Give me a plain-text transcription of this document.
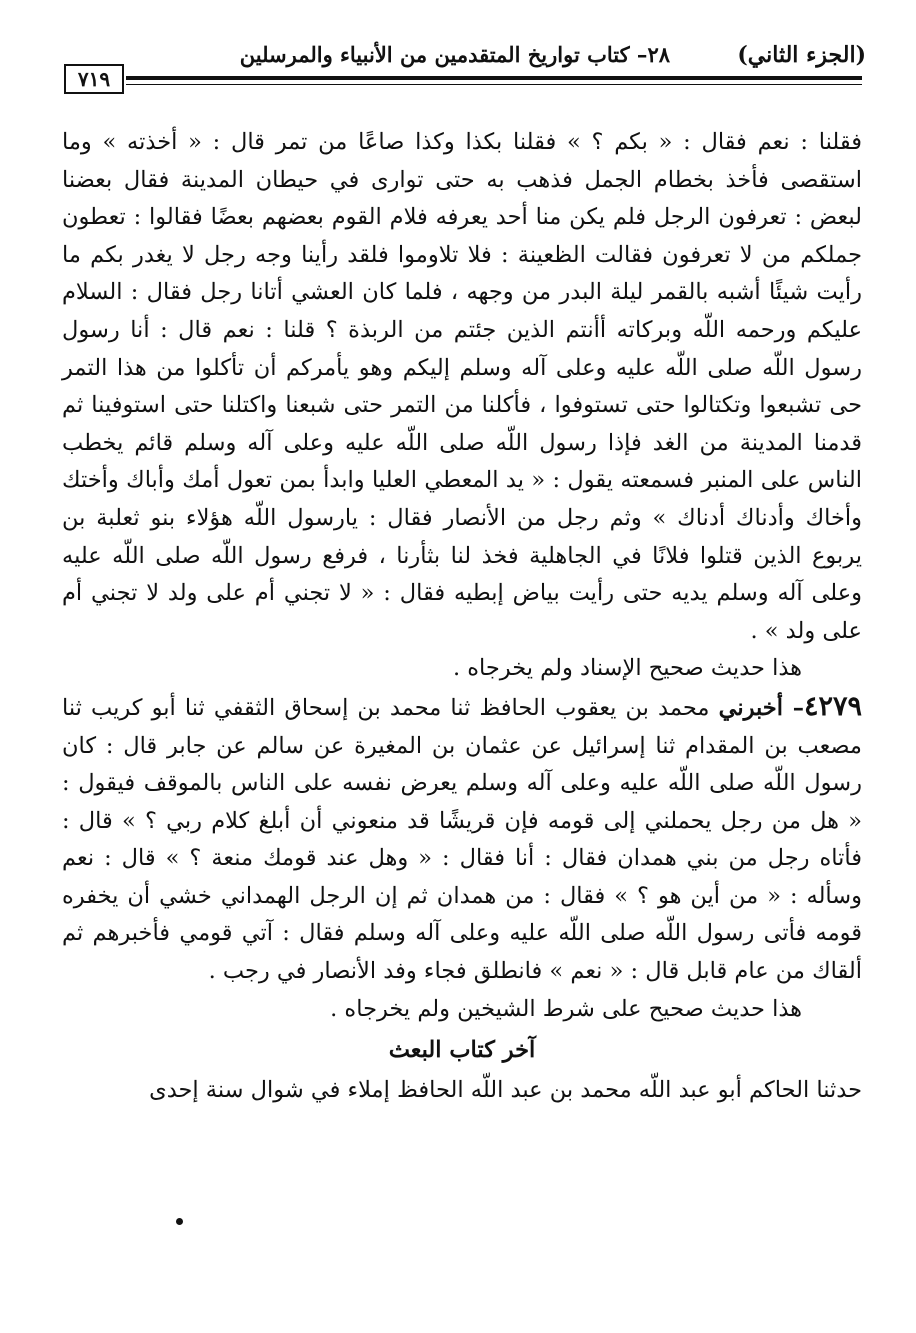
(الجزء الثاني)
٢٨– كتاب تواريخ المتقدمين من الأنبياء والمرسلين
٧١٩

فقلنا : نعم فقال : « بكم ؟ » فقلنا بكذا وكذا صاعًا من تمر قال : « أخذته » وما استقصى فأخذ بخطام الجمل فذهب به حتى توارى في حيطان المدينة فقال بعضنا لبعض : تعرفون الرجل فلم يكن منا أحد يعرفه فلام القوم بعضهم بعضًا فقالوا : تعطون جملكم من لا تعرفون فقالت الظعينة : فلا تلاوموا فلقد رأينا وجه رجل لا يغدر بكم ما رأيت شيئًا أشبه بالقمر ليلة البدر من وجهه ، فلما كان العشي أتانا رجل فقال : السلام عليكم ورحمه اللّه وبركاته أأنتم الذين جئتم من الربذة ؟ قلنا : نعم قال : أنا رسول رسول اللّه صلى اللّه عليه وعلى آله وسلم إليكم وهو يأمركم أن تأكلوا من هذا التمر حى تشبعوا وتكتالوا حتى تستوفوا ، فأكلنا من التمر حتى شبعنا واكتلنا حتى استوفينا ثم قدمنا المدينة من الغد فإذا رسول اللّه صلى اللّه عليه وعلى آله وسلم قائم يخطب الناس على المنبر فسمعته يقول : « يد المعطي العليا وابدأ بمن تعول أمك وأباك وأختك وأخاك وأدناك أدناك » وثم رجل من الأنصار فقال : يارسول اللّه هؤلاء بنو ثعلبة بن يربوع الذين قتلوا فلانًا في الجاهلية فخذ لنا بثأرنا ، فرفع رسول اللّه صلى اللّه عليه وعلى آله وسلم يديه حتى رأيت بياض إبطيه فقال : « لا تجني أم على ولد لا تجني أم على ولد » .

هذا حديث صحيح الإسناد ولم يخرجاه .

٤٢٧٩– أخبرني محمد بن يعقوب الحافظ ثنا محمد بن إسحاق الثقفي ثنا أبو كريب ثنا مصعب بن المقدام ثنا إسرائيل عن عثمان بن المغيرة عن سالم عن جابر قال : كان رسول اللّه صلى اللّه عليه وعلى آله وسلم يعرض نفسه على الناس بالموقف فيقول : « هل من رجل يحملني إلى قومه فإن قريشًا قد منعوني أن أبلغ كلام ربي ؟ » قال : فأتاه رجل من بني همدان فقال : أنا فقال : « وهل عند قومك منعة ؟ » قال : نعم وسأله : « من أين هو ؟ » فقال : من همدان ثم إن الرجل الهمداني خشي أن يخفره قومه فأتى رسول اللّه صلى اللّه عليه وعلى آله وسلم فقال : آتي قومي فأخبرهم ثم ألقاك من عام قابل قال : « نعم » فانطلق فجاء وفد الأنصار في رجب .

هذا حديث صحيح على شرط الشيخين ولم يخرجاه .

آخر كتاب البعث

حدثنا الحاكم أبو عبد اللّه محمد بن عبد اللّه الحافظ إملاء في شوال سنة إحدى
